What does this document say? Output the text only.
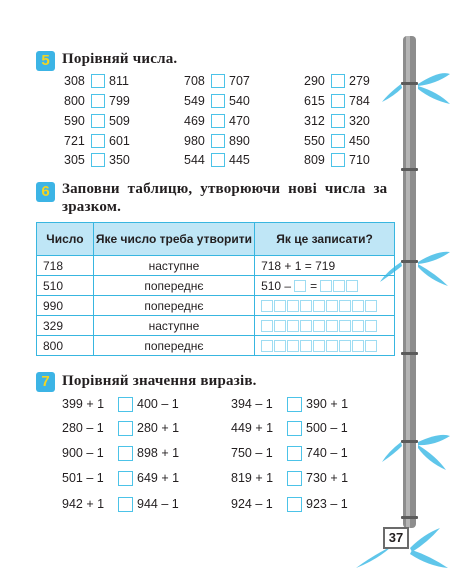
5 Порівняй числа.
308	811	708	707	290	279
800	799	549	540	615	784
590	509	469	470	312	320
721	601	980	890	550	450
305	350	544	445	809	710
6 Заповни  таблицю,  утворюючи  нові  числа  за
зразком.
Число	Яке число треба утворити	Як це записати?
718	наступне	718 + 1 = 719
510	попереднє	510 – =

990	попереднє	

329	наступне	

800	попереднє	
7 Порівняй значення виразів.
399 + 1	400 – 1	394 – 1	390 + 1
280 – 1	280 + 1	449 + 1	500 – 1
900 – 1	898 + 1	750 – 1	740 – 1
501 – 1	649 + 1	819 + 1	730 + 1
942 + 1	944 – 1	924 – 1	923 – 1
37
